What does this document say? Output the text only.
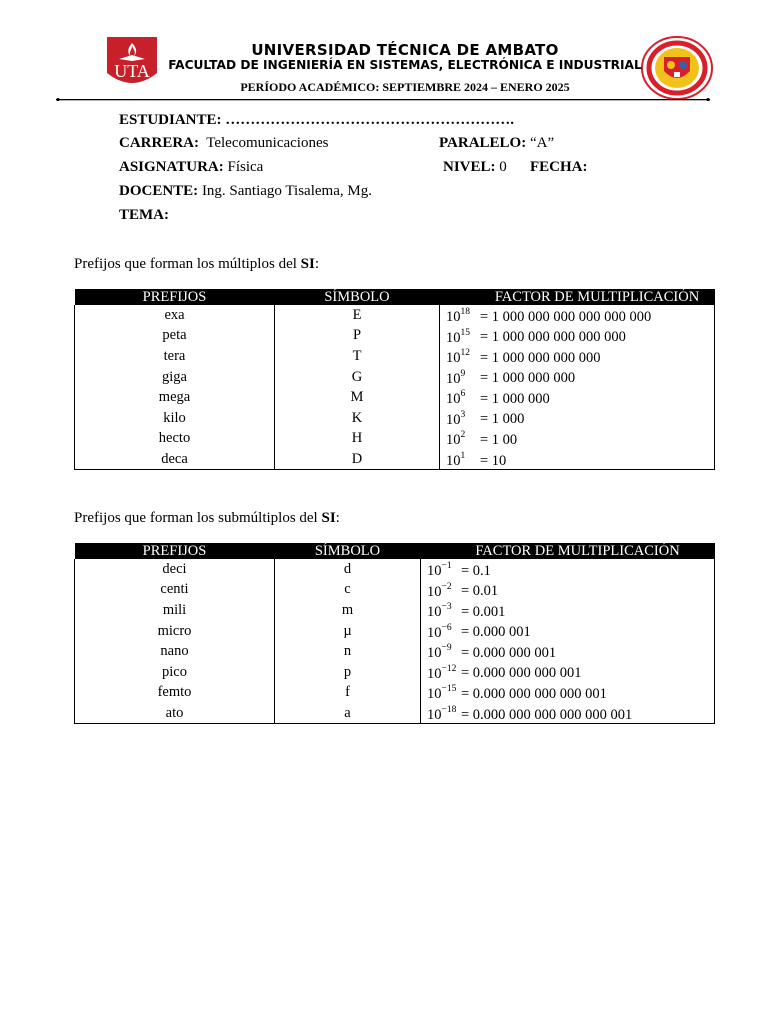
UTA
UNIVERSIDAD TÉCNICA DE AMBATO
FACULTAD DE INGENIERÍA EN SISTEMAS, ELECTRÓNICA E INDUSTRIAL
PERÍODO ACADÉMICO: SEPTIEMBRE 2024 – ENERO 2025
ESTUDIANTE: ………………………………………………….
CARRERA: Telecomunicaciones	PARALELO: “A”
ASIGNATURA: Física	NIVEL: 0 FECHA:
DOCENTE: Ing. Santiago Tisalema, Mg.
TEMA:
Prefijos que forman los múltiplos del SI:
PREFIJOS	SÍMBOLO	FACTOR DE MULTIPLICACIÓN
exa	E	$10^{18} = 1$ 000 000 000 000 000 000
peta	P	$10^{15} = 1$ 000 000 000 000 000
tera	T	$10^{12} = 1$ 000 000 000 000
giga	G	$10^9 = 1$ 000 000 000
mega	M	$10^6 = 1$ 000 000
kilo	K	$10^3 = 1$ 000
hecto	H	$10^2 = 1$ 00
deca	D	$10^1 = 10$
Prefijos que forman los submúltiplos del SI:
PREFIJOS	SÍMBOLO	FACTOR DE MULTIPLICACIÓN
deci	d	$10^{-1} = 0.1$
centi	c	$10^{-2} = 0.01$
mili	m	$10^{-3} = 0.001$
micro	µ	$10^{-6} = 0.000$ 001
nano	n	$10^{-9} = 0.000$ 000 001
pico	p	$10^{-12} = 0.000$ 000 000 001
femto	f	$10^{-15} = 0.000$ 000 000 000 001
ato	a	$10^{-18} = 0.000$ 000 000 000 000 001
